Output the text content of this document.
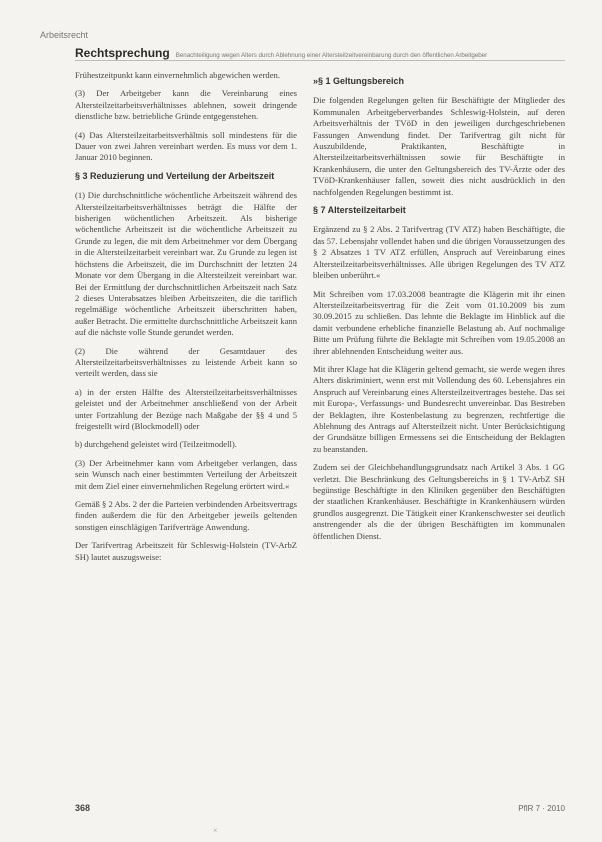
Arbeitsrecht
Rechtsprechung Benachteiligung wegen Alters durch Ablehnung einer Altersteilzeitvereinbarung durch den öffentlichen Arbeitgeber

Frühestzeitpunkt kann einvernehmlich abgewichen werden.

(3) Der Arbeitgeber kann die Vereinbarung eines Altersteilzeitarbeitsverhältnisses ablehnen, soweit dringende dienstliche bzw. betriebliche Gründe entgegenstehen.

(4) Das Altersteilzeitarbeitsverhältnis soll mindestens für die Dauer von zwei Jahren vereinbart werden. Es muss vor dem 1. Januar 2010 beginnen.

§ 3 Reduzierung und Verteilung der Arbeitszeit

(1) Die durchschnittliche wöchentliche Arbeitszeit während des Altersteilzeitarbeitsverhältnisses beträgt die Hälfte der bisherigen wöchentlichen Arbeitszeit. Als bisherige wöchentliche Arbeitszeit ist die wöchentliche Arbeitszeit zu Grunde zu legen, die mit dem Arbeitnehmer vor dem Übergang in die Altersteilzeitarbeit vereinbart war. Zu Grunde zu legen ist höchstens die Arbeitszeit, die im Durchschnitt der letzten 24 Monate vor dem Übergang in die Altersteilzeit vereinbart war. Bei der Ermittlung der durchschnittlichen Arbeitszeit nach Satz 2 dieses Unterabsatzes bleiben Arbeitszeiten, die die tariflich regelmäßige wöchentliche Arbeitszeit überschritten haben, außer Betracht. Die ermittelte durchschnittliche Arbeitszeit kann auf die nächste volle Stunde gerundet werden.

(2) Die während der Gesamtdauer des Altersteilzeitarbeitsverhältnisses zu leistende Arbeit kann so verteilt werden, dass sie

a) in der ersten Hälfte des Altersteilzeitarbeitsverhältnisses geleistet und der Arbeitnehmer anschließend von der Arbeit unter Fortzahlung der Bezüge nach Maßgabe der §§ 4 und 5 freigestellt wird (Blockmodell) oder

b) durchgehend geleistet wird (Teilzeitmodell).

(3) Der Arbeitnehmer kann vom Arbeitgeber verlangen, dass sein Wunsch nach einer bestimmten Verteilung der Arbeitszeit mit dem Ziel einer einvernehmlichen Regelung erörtert wird.«

Gemäß § 2 Abs. 2 der die Parteien verbindenden Arbeitsvertrags finden außerdem die für den Arbeitgeber jeweils geltenden sonstigen einschlägigen Tarifverträge Anwendung.

Der Tarifvertrag Arbeitszeit für Schleswig-Holstein (TV-ArbZ SH) lautet auszugsweise:

»§ 1 Geltungsbereich

Die folgenden Regelungen gelten für Beschäftigte der Mitglieder des Kommunalen Arbeitgeberverbandes Schleswig-Holstein, auf deren Arbeitsverhältnis der TVöD in den jeweiligen durchgeschriebenen Fassungen Anwendung findet. Der Tarifvertrag gilt nicht für Auszubildende, Praktikanten, Beschäftigte in Altersteilzeitarbeitsverhältnissen sowie für Beschäftigte in Krankenhäusern, die unter den Geltungsbereich des TV-Ärzte oder des TVöD-Krankenhäuser fallen, soweit dies nicht ausdrücklich in den nachfolgenden Regelungen bestimmt ist.

§ 7 Altersteilzeitarbeit

Ergänzend zu § 2 Abs. 2 Tarifvertrag (TV ATZ) haben Beschäftigte, die das 57. Lebensjahr vollendet haben und die übrigen Voraussetzungen des § 2 Absatzes 1 TV ATZ erfüllen, Anspruch auf Vereinbarung eines Altersteilzeitarbeitsverhältnisses. Alle übrigen Regelungen des TV ATZ bleiben unberührt.«

Mit Schreiben vom 17.03.2008 beantragte die Klägerin mit ihr einen Altersteilzeitarbeitsvertrag für die Zeit vom 01.10.2009 bis zum 30.09.2015 zu schließen. Das lehnte die Beklagte im Hinblick auf die damit verbundene erhebliche finanzielle Belastung ab. Auf nochmalige Bitte um Prüfung führte die Beklagte mit Schreiben vom 19.05.2008 an ihrer ablehnenden Entscheidung weiter aus.

Mit ihrer Klage hat die Klägerin geltend gemacht, sie werde wegen ihres Alters diskriminiert, wenn erst mit Vollendung des 60. Lebensjahres ein Anspruch auf Vereinbarung eines Altersteilzeitvertrages bestehe. Das sei mit Europa-, Verfassungs- und Bundesrecht unvereinbar. Das Bestreben der Beklagten, ihre Kostenbelastung zu begrenzen, rechtfertige die Ablehnung des Antrags auf Altersteilzeit nicht. Unter Berücksichtigung der Grundsätze billigen Ermessens sei die Entscheidung der Beklagten zu beanstanden.

Zudem sei der Gleichbehandlungsgrundsatz nach Artikel 3 Abs. 1 GG verletzt. Die Beschränkung des Geltungsbereichs in § 1 TV-ArbZ SH begünstige Beschäftigte in den Kliniken gegenüber den Beschäftigten der staatlichen Krankenhäuser. Beschäftigte in Krankenhäusern würden grundlos ausgegrenzt. Die Tätigkeit einer Krankenschwester sei deutlich anstrengender als die der übrigen Beschäftigten im kommunalen öffentlichen Dienst.

368	PflR 7 · 2010
×
